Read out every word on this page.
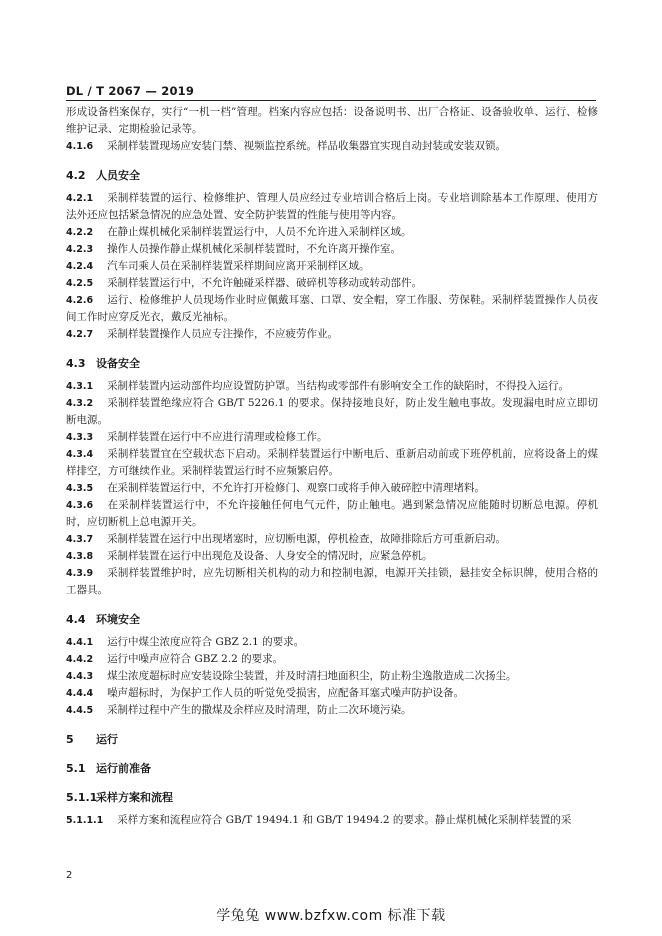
DL / T 2067 — 2019
形成设备档案保存，实行“一机一档”管理。档案内容应包括：设备说明书、出厂合格证、设备验收单、运行、检修维护记录、定期检验记录等。
4.1.6 采制样装置现场应安装门禁、视频监控系统。样品收集器宜实现自动封装或安装双锁。
4.2 人员安全
4.2.1 采制样装置的运行、检修维护、管理人员应经过专业培训合格后上岗。专业培训除基本工作原理、使用方法外还应包括紧急情况的应急处置、安全防护装置的性能与使用等内容。
4.2.2 在静止煤机械化采制样装置运行中，人员不允许进入采制样区域。
4.2.3 操作人员操作静止煤机械化采制样装置时，不允许离开操作室。
4.2.4 汽车司乘人员在采制样装置采样期间应离开采制样区域。
4.2.5 采制样装置运行中，不允许触碰采样器、破碎机等移动或转动部件。
4.2.6 运行、检修维护人员现场作业时应佩戴耳塞、口罩、安全帽，穿工作服、劳保鞋。采制样装置操作人员夜间工作时应穿反光衣，戴反光袖标。
4.2.7 采制样装置操作人员应专注操作，不应疲劳作业。
4.3 设备安全
4.3.1 采制样装置内运动部件均应设置防护罩。当结构或零部件有影响安全工作的缺陷时，不得投入运行。
4.3.2 采制样装置绝缘应符合 GB/T 5226.1 的要求。保持接地良好，防止发生触电事故。发现漏电时应立即切断电源。
4.3.3 采制样装置在运行中不应进行清理或检修工作。
4.3.4 采制样装置宜在空载状态下启动。采制样装置运行中断电后、重新启动前或下班停机前，应将设备上的煤样排空，方可继续作业。采制样装置运行时不应频繁启停。
4.3.5 在采制样装置运行中，不允许打开检修门、观察口或将手伸入破碎腔中清理堵料。
4.3.6 在采制样装置运行中，不允许接触任何电气元件，防止触电。遇到紧急情况应能随时切断总电源。停机时，应切断机上总电源开关。
4.3.7 采制样装置在运行中出现堵塞时，应切断电源，停机检查，故障排除后方可重新启动。
4.3.8 采制样装置在运行中出现危及设备、人身安全的情况时，应紧急停机。
4.3.9 采制样装置维护时，应先切断相关机构的动力和控制电源，电源开关挂锁，悬挂安全标识牌，使用合格的工器具。
4.4 环境安全
4.4.1 运行中煤尘浓度应符合 GBZ 2.1 的要求。
4.4.2 运行中噪声应符合 GBZ 2.2 的要求。
4.4.3 煤尘浓度超标时应安装设除尘装置，并及时清扫地面积尘，防止粉尘逸散造成二次扬尘。
4.4.4 噪声超标时，为保护工作人员的听觉免受损害，应配备耳塞式噪声防护设备。
4.4.5 采制样过程中产生的撒煤及余样应及时清理，防止二次环境污染。
5 运行
5.1 运行前准备
5.1.1采样方案和流程
5.1.1.1 采样方案和流程应符合 GB/T 19494.1 和 GB/T 19494.2 的要求。静止煤机械化采制样装置的采
2
学兔兔 www.bzfxw.com 标准下载
